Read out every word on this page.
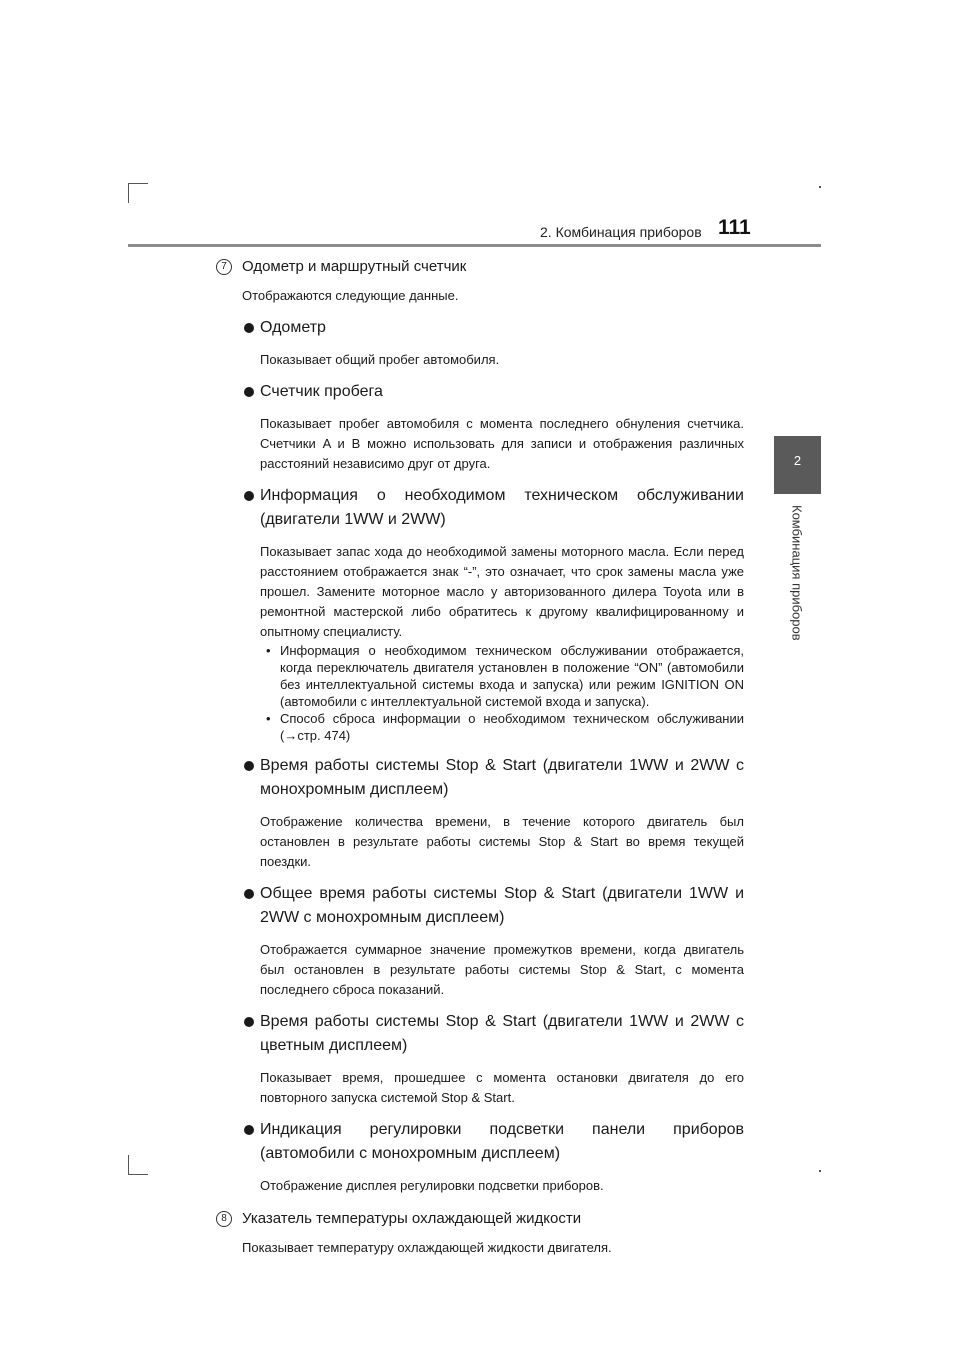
2. Комбинация приборов 111
2
Комбинация приборов
7	Одометр и маршрутный счетчик
Отображаются следующие данные.
Одометр
Показывает общий пробег автомобиля.
Счетчик пробега
Показывает пробег автомобиля с момента последнего обнуления счетчика. Счетчики A и B можно использовать для записи и отображения различных расстояний независимо друг от друга.
Информация о необходимом техническом обслуживании (двигатели 1WW и 2WW)
Показывает запас хода до необходимой замены моторного масла. Если перед расстоянием отображается знак “-”, это означает, что срок замены масла уже прошел. Замените моторное масло у авторизованного дилера Toyota или в ремонтной мастерской либо обратитесь к другому квалифицированному и опытному специалисту.
• Информация о необходимом техническом обслуживании отображается, когда переключатель двигателя установлен в положение “ON” (автомобили без интеллектуальной системы входа и запуска) или режим IGNITION ON (автомобили с интеллектуальной системой входа и запуска).
• Способ сброса информации о необходимом техническом обслуживании (→стр. 474)
Время работы системы Stop & Start (двигатели 1WW и 2WW с монохромным дисплеем)
Отображение количества времени, в течение которого двигатель был остановлен в результате работы системы Stop & Start во время текущей поездки.
Общее время работы системы Stop & Start (двигатели 1WW и 2WW с монохромным дисплеем)
Отображается суммарное значение промежутков времени, когда двигатель был остановлен в результате работы системы Stop & Start, с момента последнего сброса показаний.
Время работы системы Stop & Start (двигатели 1WW и 2WW с цветным дисплеем)
Показывает время, прошедшее с момента остановки двигателя до его повторного запуска системой Stop & Start.
Индикация регулировки подсветки панели приборов (автомобили с монохромным дисплеем)
Отображение дисплея регулировки подсветки приборов.
8	Указатель температуры охлаждающей жидкости
Показывает температуру охлаждающей жидкости двигателя.
